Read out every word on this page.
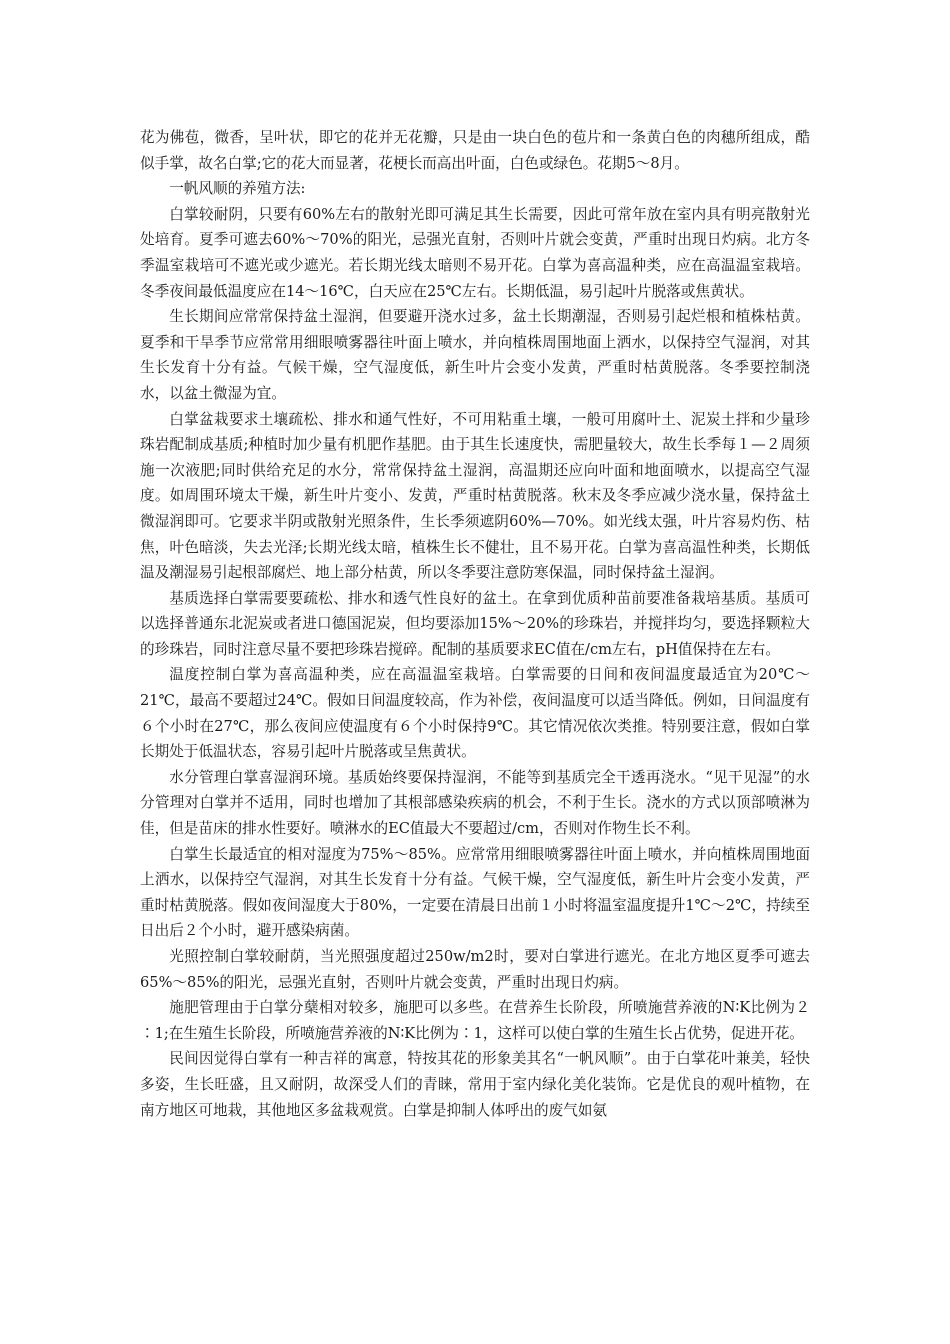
花为佛苞，微香，呈叶状，即它的花并无花瓣，只是由一块白色的苞片和一条黄白色的肉穗所组成，酷似手掌，故名白掌;它的花大而显著，花梗长而高出叶面，白色或绿色。花期5～8月。

一帆风顺的养殖方法:

白掌较耐阴，只要有60%左右的散射光即可满足其生长需要，因此可常年放在室内具有明亮散射光处培育。夏季可遮去60%～70%的阳光，忌强光直射，否则叶片就会变黄，严重时出现日灼病。北方冬季温室栽培可不遮光或少遮光。若长期光线太暗则不易开花。白掌为喜高温种类，应在高温温室栽培。冬季夜间最低温度应在14～16℃，白天应在25℃左右。长期低温，易引起叶片脱落或焦黄状。

生长期间应常常保持盆土湿润，但要避开浇水过多，盆土长期潮湿，否则易引起烂根和植株枯黄。夏季和干旱季节应常常用细眼喷雾器往叶面上喷水，并向植株周围地面上洒水，以保持空气湿润，对其生长发育十分有益。气候干燥，空气湿度低，新生叶片会变小发黄，严重时枯黄脱落。冬季要控制浇水，以盆土微湿为宜。

白掌盆栽要求土壤疏松、排水和通气性好，不可用粘重土壤，一般可用腐叶土、泥炭土拌和少量珍珠岩配制成基质;种植时加少量有机肥作基肥。由于其生长速度快，需肥量较大，故生长季每１—２周须施一次液肥;同时供给充足的水分，常常保持盆土湿润，高温期还应向叶面和地面喷水，以提高空气湿度。如周围环境太干燥，新生叶片变小、发黄，严重时枯黄脱落。秋末及冬季应减少浇水量，保持盆土微湿润即可。它要求半阴或散射光照条件，生长季须遮阴60%—70%。如光线太强，叶片容易灼伤、枯焦，叶色暗淡，失去光泽;长期光线太暗，植株生长不健壮，且不易开花。白掌为喜高温性种类，长期低温及潮湿易引起根部腐烂、地上部分枯黄，所以冬季要注意防寒保温，同时保持盆土湿润。

基质选择白掌需要要疏松、排水和透气性良好的盆土。在拿到优质种苗前要准备栽培基质。基质可以选择普通东北泥炭或者进口德国泥炭，但均要添加15%～20%的珍珠岩，并搅拌均匀，要选择颗粒大的珍珠岩，同时注意尽量不要把珍珠岩搅碎。配制的基质要求EC值在/cm左右，pH值保持在左右。

温度控制白掌为喜高温种类，应在高温温室栽培。白掌需要的日间和夜间温度最适宜为20℃～21℃，最高不要超过24℃。假如日间温度较高，作为补偿，夜间温度可以适当降低。例如，日间温度有６个小时在27℃，那么夜间应使温度有６个小时保持9℃。其它情况依次类推。特别要注意，假如白掌长期处于低温状态，容易引起叶片脱落或呈焦黄状。

水分管理白掌喜湿润环境。基质始终要保持湿润，不能等到基质完全干透再浇水。“见干见湿”的水分管理对白掌并不适用，同时也增加了其根部感染疾病的机会，不利于生长。浇水的方式以顶部喷淋为佳，但是苗床的排水性要好。喷淋水的EC值最大不要超过/cm，否则对作物生长不利。

白掌生长最适宜的相对湿度为75%～85%。应常常用细眼喷雾器往叶面上喷水，并向植株周围地面上洒水，以保持空气湿润，对其生长发育十分有益。气候干燥，空气湿度低，新生叶片会变小发黄，严重时枯黄脱落。假如夜间湿度大于80%，一定要在清晨日出前１小时将温室温度提升1℃～2℃，持续至日出后２个小时，避开感染病菌。

光照控制白掌较耐荫，当光照强度超过250w/m2时，要对白掌进行遮光。在北方地区夏季可遮去65%～85%的阳光，忌强光直射，否则叶片就会变黄，严重时出现日灼病。

施肥管理由于白掌分蘖相对较多，施肥可以多些。在营养生长阶段，所喷施营养液的N∶K比例为２∶1;在生殖生长阶段，所喷施营养液的N∶K比例为∶1，这样可以使白掌的生殖生长占优势，促进开花。

民间因觉得白掌有一种吉祥的寓意，特按其花的形象美其名“一帆风顺”。由于白掌花叶兼美，轻快多姿，生长旺盛，且又耐阴，故深受人们的青睐，常用于室内绿化美化装饰。它是优良的观叶植物，在南方地区可地栽，其他地区多盆栽观赏。白掌是抑制人体呼出的废气如氨
